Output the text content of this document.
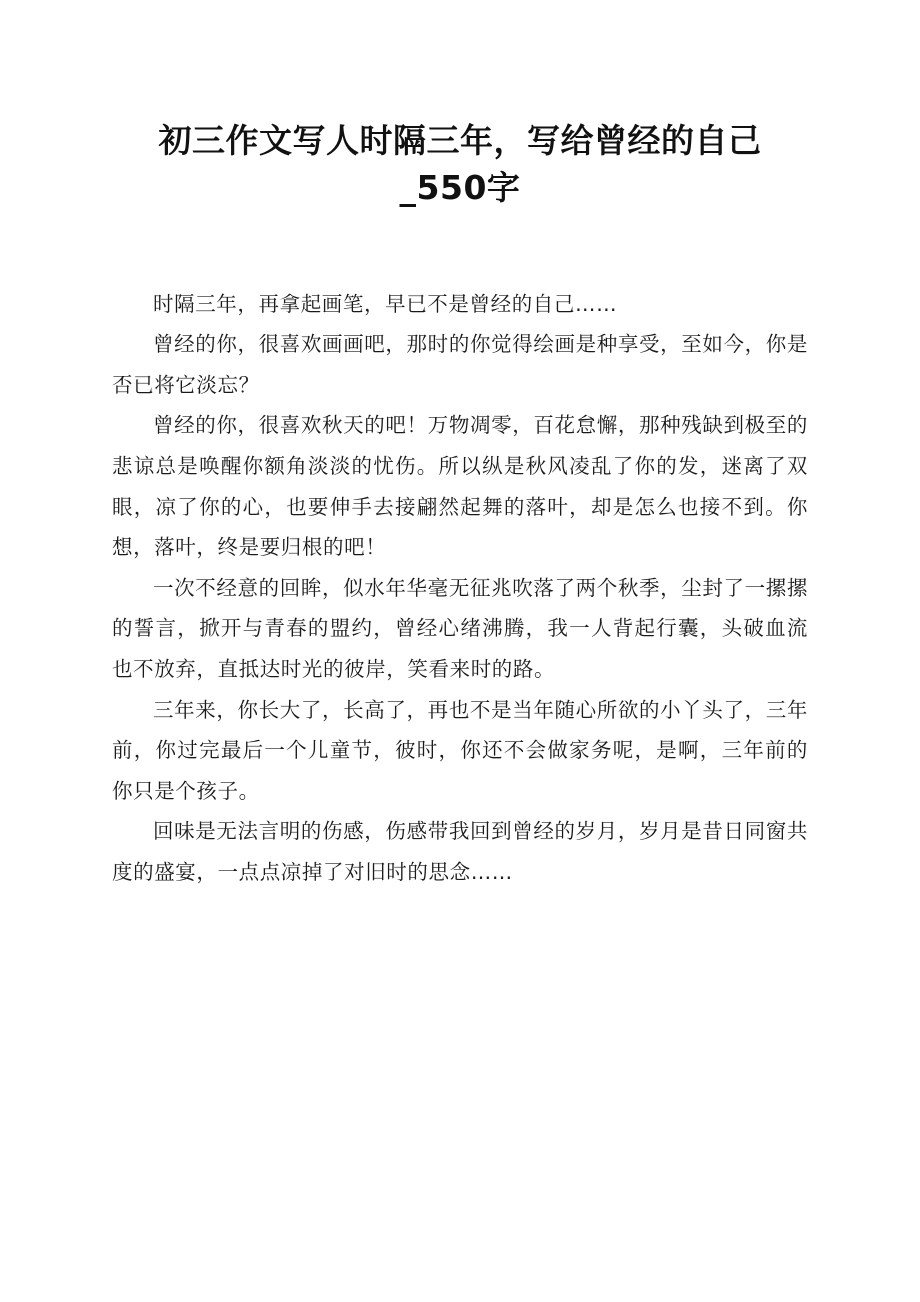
初三作文写人时隔三年，写给曾经的自己_550字

时隔三年，再拿起画笔，早已不是曾经的自己……

曾经的你，很喜欢画画吧，那时的你觉得绘画是种享受，至如今，你是否已将它淡忘？

曾经的你，很喜欢秋天的吧！万物凋零，百花怠懈，那种残缺到极至的悲谅总是唤醒你额角淡淡的忧伤。所以纵是秋风凌乱了你的发，迷离了双眼，凉了你的心，也要伸手去接翩然起舞的落叶，却是怎么也接不到。你想，落叶，终是要归根的吧！

一次不经意的回眸，似水年华毫无征兆吹落了两个秋季，尘封了一摞摞的誓言，掀开与青春的盟约，曾经心绪沸腾，我一人背起行囊，头破血流也不放弃，直抵达时光的彼岸，笑看来时的路。

三年来，你长大了，长高了，再也不是当年随心所欲的小丫头了，三年前，你过完最后一个儿童节，彼时，你还不会做家务呢，是啊，三年前的你只是个孩子。

回味是无法言明的伤感，伤感带我回到曾经的岁月，岁月是昔日同窗共度的盛宴，一点点凉掉了对旧时的思念……
